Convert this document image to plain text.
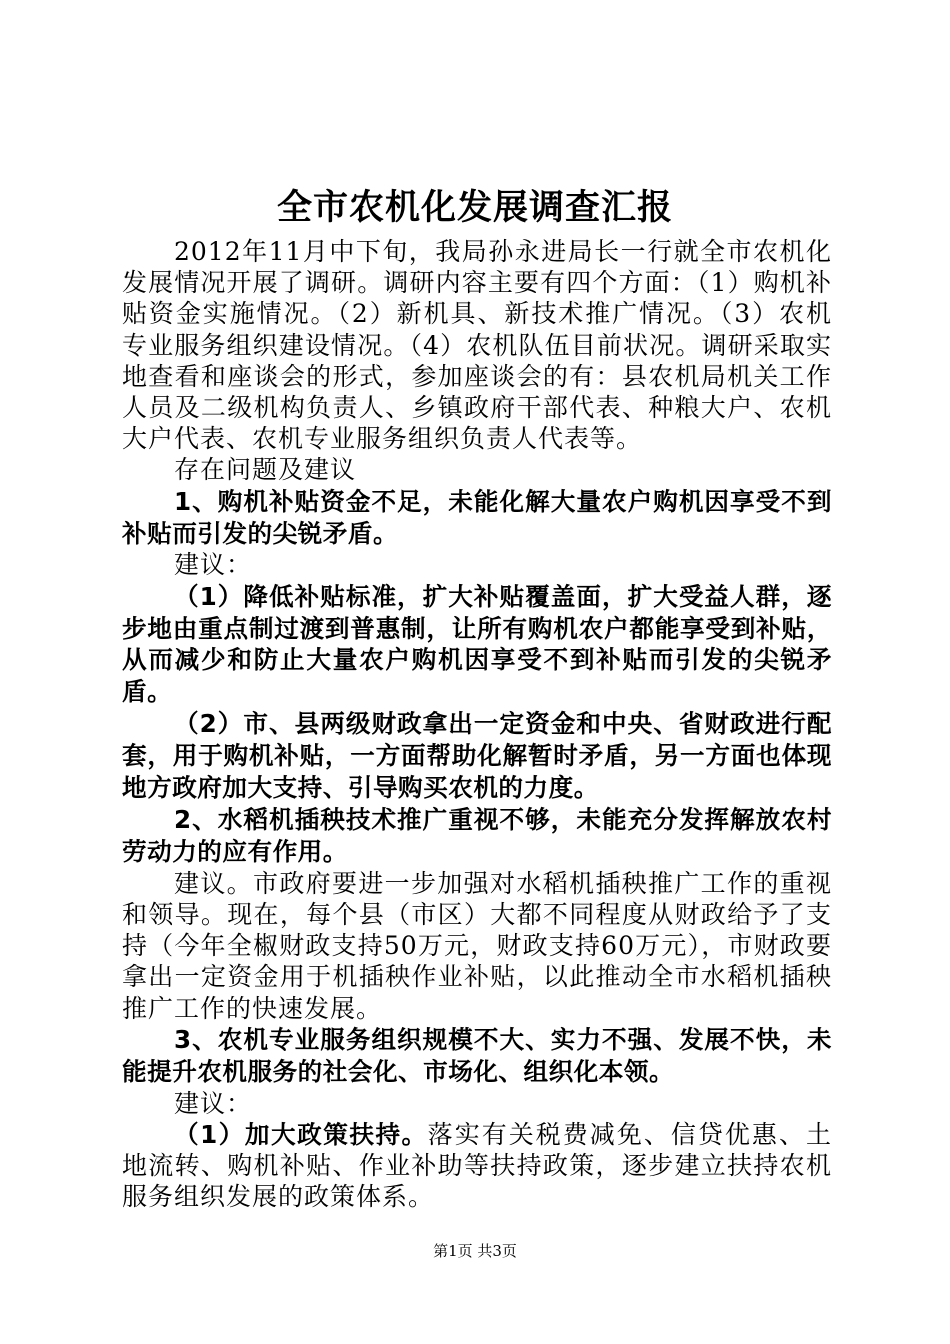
全市农机化发展调查汇报

2012年11月中下旬，我局孙永进局长一行就全市农机化发展情况开展了调研。调研内容主要有四个方面：（1）购机补贴资金实施情况。（2）新机具、新技术推广情况。（3）农机专业服务组织建设情况。（4）农机队伍目前状况。调研采取实地查看和座谈会的形式，参加座谈会的有：县农机局机关工作人员及二级机构负责人、乡镇政府干部代表、种粮大户、农机大户代表、农机专业服务组织负责人代表等。

存在问题及建议

1、购机补贴资金不足，未能化解大量农户购机因享受不到补贴而引发的尖锐矛盾。

建议：

（1）降低补贴标准，扩大补贴覆盖面，扩大受益人群，逐步地由重点制过渡到普惠制，让所有购机农户都能享受到补贴，从而减少和防止大量农户购机因享受不到补贴而引发的尖锐矛盾。

（2）市、县两级财政拿出一定资金和中央、省财政进行配套，用于购机补贴，一方面帮助化解暂时矛盾，另一方面也体现地方政府加大支持、引导购买农机的力度。

2、水稻机插秧技术推广重视不够，未能充分发挥解放农村劳动力的应有作用。

建议。市政府要进一步加强对水稻机插秧推广工作的重视和领导。现在，每个县（市区）大都不同程度从财政给予了支持（今年全椒财政支持50万元，财政支持60万元），市财政要拿出一定资金用于机插秧作业补贴，以此推动全市水稻机插秧推广工作的快速发展。

3、农机专业服务组织规模不大、实力不强、发展不快，未能提升农机服务的社会化、市场化、组织化本领。

建议：

（1）加大政策扶持。落实有关税费减免、信贷优惠、土地流转、购机补贴、作业补助等扶持政策，逐步建立扶持农机服务组织发展的政策体系。

第1页 共3页
